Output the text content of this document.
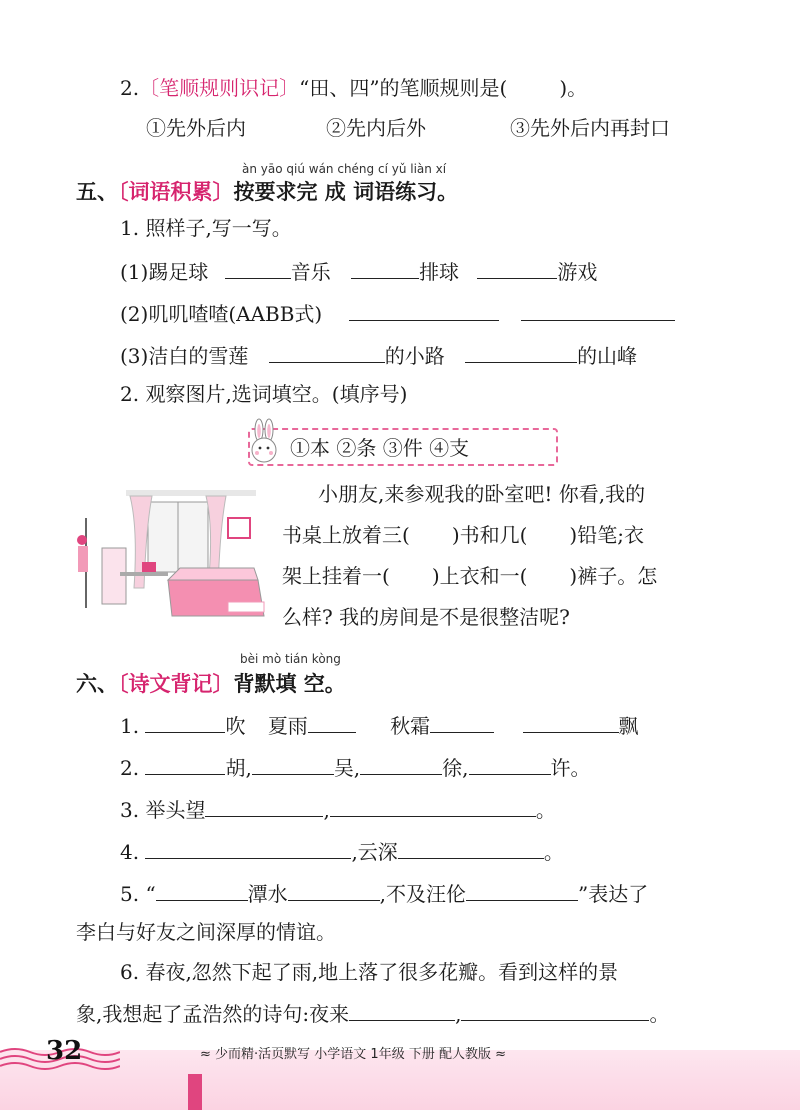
2.〔笔顺规则识记〕“田、四”的笔顺规则是(	)。
①先外后内	②先内后外	③先外后内再封口
àn yāo qiú wán chéng cí yǔ liàn xí
五、〔词语积累〕按要求完 成 词语练习。
1. 照样子,写一写。
(1)踢足球	音乐	排球	游戏
(2)叽叽喳喳(AABB式)
(3)洁白的雪莲	的小路	的山峰
2. 观察图片,选词填空。(填序号)
①本 ②条 ③件 ④支
小朋友,来参观我的卧室吧! 你看,我的
书桌上放着三( )书和几( )铅笔;衣
架上挂着一( )上衣和一( )裤子。怎
么样? 我的房间是不是很整洁呢?
bèi mò tián kòng
六、〔诗文背记〕背默填 空。
1.	吹 夏雨	秋霜	飘
2.	胡,	吴,	徐,	许。
3. 举头望	,	。
4.	,云深	。
5. “	潭水	,不及汪伦	”表达了
李白与好友之间深厚的情谊。
6. 春夜,忽然下起了雨,地上落了很多花瓣。看到这样的景
象,我想起了孟浩然的诗句:夜来	,	。
32	≈ 少而精·活页默写 小学语文 1年级 下册 配人教版 ≈
